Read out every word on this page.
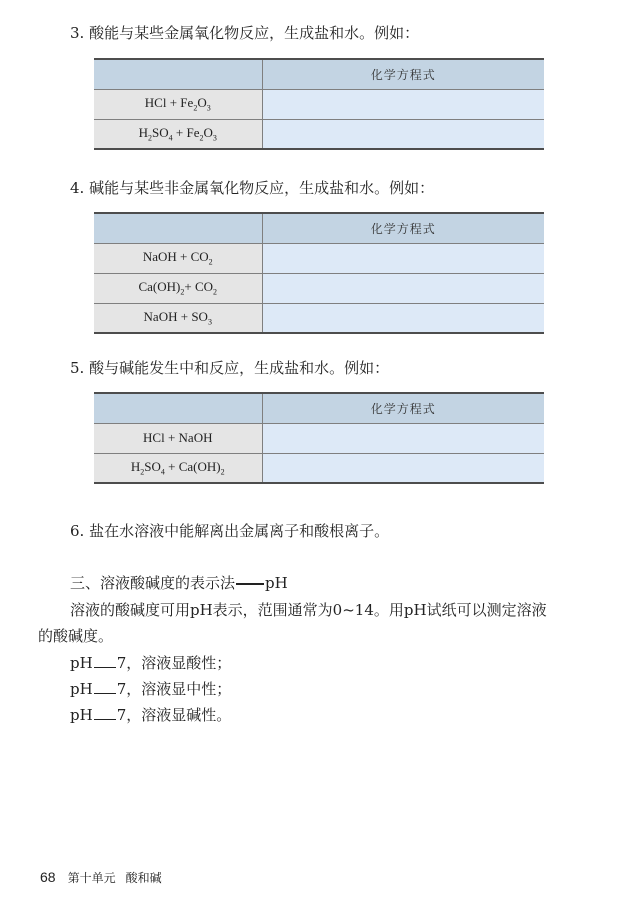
3. 酸能与某些金属氧化物反应，生成盐和水。例如：
	化学方程式
HCl + $Fe_2O_3$	
$H_2SO_4 + Fe_2O_3$	
4. 碱能与某些非金属氧化物反应，生成盐和水。例如：
	化学方程式
NaOH + $CO_2$	
$Ca(OH)_2+ CO_2$	
NaOH + $SO_3$	
5. 酸与碱能发生中和反应，生成盐和水。例如：
	化学方程式
HCl + NaOH	
$H_2SO_4 + Ca(OH)_2$	
6. 盐在水溶液中能解离出金属离子和酸根离子。
三、溶液酸碱度的表示法 pH
溶液的酸碱度可用pH表示，范围通常为0~14。用pH试纸可以测定溶液
的酸碱度。
pH 7，溶液显酸性；
pH 7，溶液显中性；
pH 7，溶液显碱性。
68 第十单元 酸和碱
